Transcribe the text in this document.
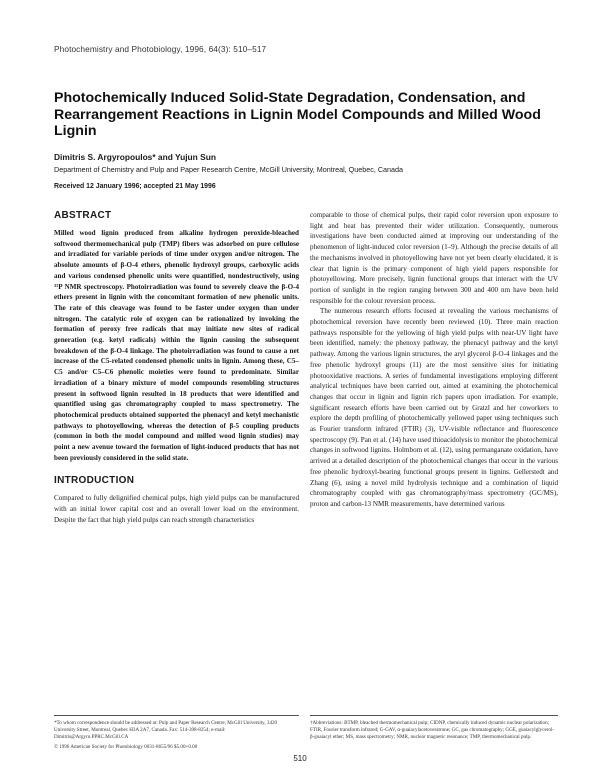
Photochemistry and Photobiology, 1996, 64(3): 510–517
Photochemically Induced Solid-State Degradation, Condensation, and Rearrangement Reactions in Lignin Model Compounds and Milled Wood Lignin
Dimitris S. Argyropoulos* and Yujun Sun
Department of Chemistry and Pulp and Paper Research Centre, McGill University, Montreal, Quebec, Canada
Received 12 January 1996; accepted 21 May 1996
ABSTRACT

Milled wood lignin produced from alkaline hydrogen peroxide-bleached softwood thermomechanical pulp (TMP) fibers was adsorbed on pure cellulose and irradiated for variable periods of time under oxygen and/or nitrogen. The absolute amounts of β-O-4 ethers, phenolic hydroxyl groups, carboxylic acids and various condensed phenolic units were quantified, nondestructively, using ³¹P NMR spectroscopy. Photoirradiation was found to severely cleave the β-O-4 ethers present in lignin with the concomitant formation of new phenolic units. The rate of this cleavage was found to be faster under oxygen than under nitrogen. The catalytic role of oxygen can be rationalized by invoking the formation of peroxy free radicals that may initiate new sites of radical generation (e.g. ketyl radicals) within the lignin causing the subsequent breakdown of the β-O-4 linkage. The photoirradiation was found to cause a net increase of the C5-related condensed phenolic units in lignin. Among these, C5–C5 and/or C5–C6 phenolic moieties were found to predominate. Similar irradiation of a binary mixture of model compounds resembling structures present in softwood lignin resulted in 18 products that were identified and quantified using gas chromatography coupled to mass spectrometry. The photochemical products obtained supported the phenacyl and ketyl mechanistic pathways to photoyellowing, whereas the detection of β-5 coupling products (common in both the model compound and milled wood lignin studies) may point a new avenue toward the formation of light-induced products that has not been previously considered in the solid state.

INTRODUCTION

Compared to fully delignified chemical pulps, high yield pulps can be manufactured with an initial lower capital cost and an overall lower load on the environment. Despite the fact that high yield pulps can reach strength characteristics

comparable to those of chemical pulps, their rapid color reversion upon exposure to light and heat has prevented their wider utilization. Consequently, numerous investigations have been conducted aimed at improving our understanding of the phenomenon of light-induced color reversion (1–9). Although the precise details of all the mechanisms involved in photoyellowing have not yet been clearly elucidated, it is clear that lignin is the primary component of high yield papers responsible for photoyellowing. More precisely, lignin functional groups that interact with the UV portion of sunlight in the region ranging between 300 and 400 nm have been held responsible for the colour reversion process.

The numerous research efforts focused at revealing the various mechanisms of photochemical reversion have recently been reviewed (10). Three main reaction pathways responsible for the yellowing of high yield pulps with near-UV light have been identified, namely: the phenoxy pathway, the phenacyl pathway and the ketyl pathway. Among the various lignin structures, the aryl glycerol β-O-4 linkages and the free phenolic hydroxyl groups (11) are the most sensitive sites for initiating photooxidative reactions. A series of fundamental investigations employing different analytical techniques have been carried out, aimed at examining the photochemical changes that occur in lignin and lignin rich papers upon irradiation. For example, significant research efforts have been carried out by Gratzl and her coworkers to explore the depth profiling of photochemically yellowed paper using techniques such as Fourier transform infrared (FTIR) (3), UV-visible reflectance and fluorescence spectroscopy (9). Pan et al. (14) have used thioacidolysis to monitor the photochemical changes in softwood lignins. Holmbom et al. (12), using permanganate oxidation, have arrived at a detailed description of the photochemical changes that occur in the various free phenolic hydroxyl-bearing functional groups present in lignins. Gellerstedt and Zhang (6), using a novel mild hydrolysis technique and a combination of liquid chromatography coupled with gas chromatography/mass spectrometry (GC/MS), proton and carbon-13 NMR measurements, have determined various

*To whom correspondence should be addressed at: Pulp and Paper Research Centre, McGill University, 3420 University Street, Montreal, Quebec H3A 2A7, Canada. Fax: 514-398-8254; e-mail: Dimitris@Argyro.PPRC.McGill.CA

© 1996 American Society for Photobiology 0031-8655/96 $5.00+0.00

†Abbreviations: BTMP, bleached thermomechanical pulp; CIDNP, chemically induced dynamic nuclear polarization; FTIR, Fourier transform infrared; G-GAV, α-guaiacylacetoveratrone; GC, gas chromatography; GGE, guaiacylglycerol-β-guaiacyl ether; MS, mass spectrometry; NMR, nuclear magnetic resonance; TMP, thermomechanical pulp.

510
